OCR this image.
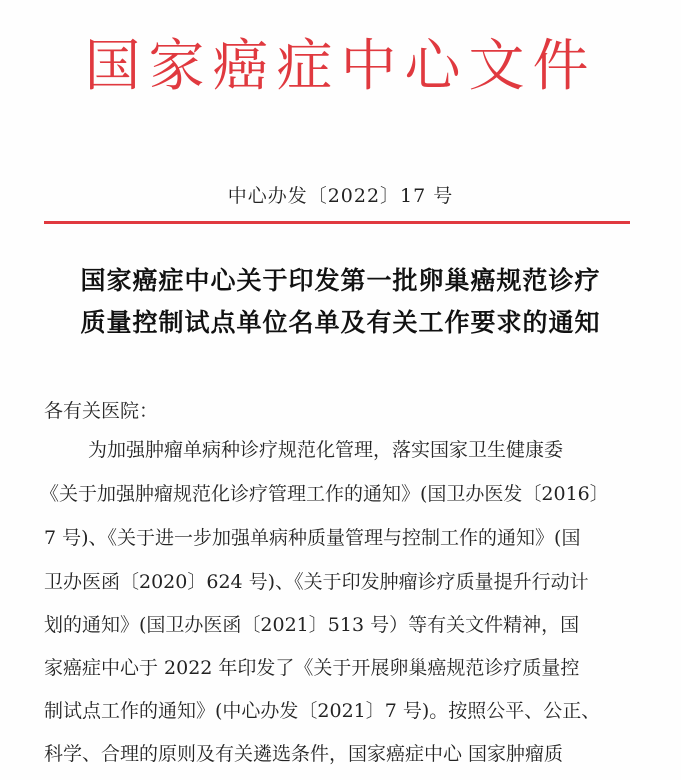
国家癌症中心文件
中心办发〔2022〕17 号
国家癌症中心关于印发第一批卵巢癌规范诊疗
质量控制试点单位名单及有关工作要求的通知
各有关医院：
为加强肿瘤单病种诊疗规范化管理，落实国家卫生健康委
《关于加强肿瘤规范化诊疗管理工作的通知》(国卫办医发〔2016〕
7 号)、《关于进一步加强单病种质量管理与控制工作的通知》(国
卫办医函〔2020〕624 号)、《关于印发肿瘤诊疗质量提升行动计
划的通知》(国卫办医函〔2021〕513 号）等有关文件精神，国
家癌症中心于 2022 年印发了《关于开展卵巢癌规范诊疗质量控
制试点工作的通知》(中心办发〔2021〕7 号)。按照公平、公正、
科学、合理的原则及有关遴选条件，国家癌症中心 国家肿瘤质
